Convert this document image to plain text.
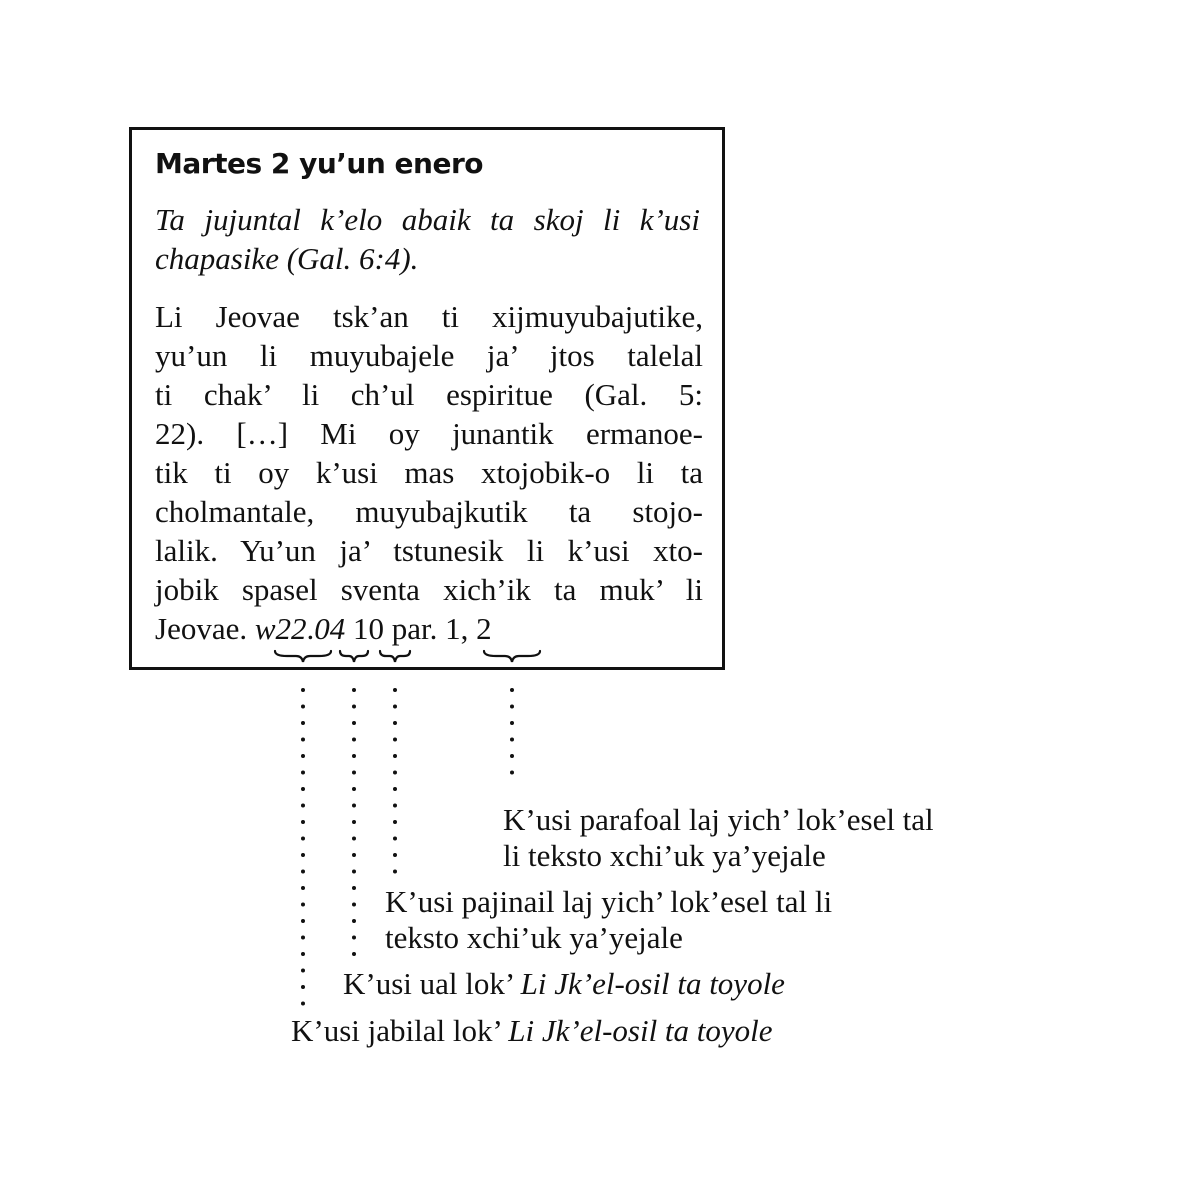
Martes 2 yu’un enero

Ta jujuntal k’elo abaik ta skoj li k’usi
chapasike (Gal. 6:4).

Li Jeovae tsk’an ti xijmuyubajutike,
yu’un li muyubajele ja’ jtos talelal
ti chak’ li ch’ul espiritue (Gal. 5:
22). […] Mi oy junantik ermanoe-
tik ti oy k’usi mas xtojobik-o li ta
cholmantale, muyubajkutik ta stojo-
lalik. Yu’un ja’ tstunesik li k’usi xto-
jobik spasel sventa xich’ik ta muk’ li
Jeovae. w22.04 10 par. 1, 2

K’usi parafoal laj yich’ lok’esel tal
li teksto xchi’uk ya’yejale
K’usi pajinail laj yich’ lok’esel tal li
teksto xchi’uk ya’yejale
K’usi ual lok’ Li Jk’el-osil ta toyole
K’usi jabilal lok’ Li Jk’el-osil ta toyole
